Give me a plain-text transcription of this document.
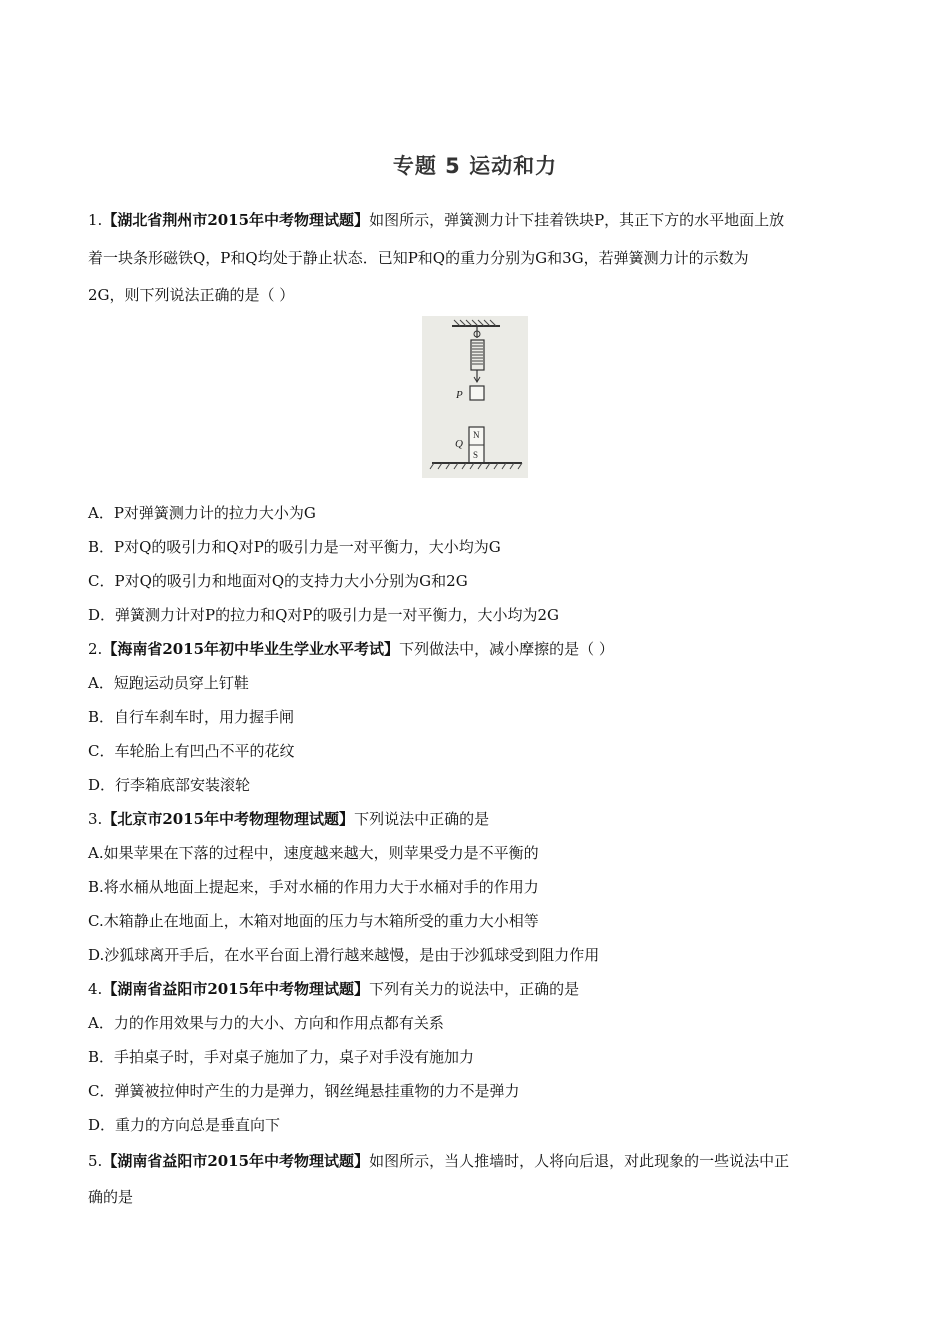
专题 5 运动和力
1.【湖北省荆州市2015年中考物理试题】如图所示，弹簧测力计下挂着铁块P，其正下方的水平地面上放
着一块条形磁铁Q，P和Q均处于静止状态．已知P和Q的重力分别为G和3G，若弹簧测力计的示数为
2G，则下列说法正确的是（ ）
P
N
S
Q
A．P对弹簧测力计的拉力大小为G
B．P对Q的吸引力和Q对P的吸引力是一对平衡力，大小均为G
C．P对Q的吸引力和地面对Q的支持力大小分别为G和2G
D．弹簧测力计对P的拉力和Q对P的吸引力是一对平衡力，大小均为2G
2.【海南省2015年初中毕业生学业水平考试】下列做法中，减小摩擦的是（ ）
A．短跑运动员穿上钉鞋
B．自行车刹车时，用力握手闸
C．车轮胎上有凹凸不平的花纹
D．行李箱底部安装滚轮
3.【北京市2015年中考物理物理试题】下列说法中正确的是
A.如果苹果在下落的过程中，速度越来越大，则苹果受力是不平衡的
B.将水桶从地面上提起来，手对水桶的作用力大于水桶对手的作用力
C.木箱静止在地面上，木箱对地面的压力与木箱所受的重力大小相等
D.沙狐球离开手后，在水平台面上滑行越来越慢，是由于沙狐球受到阻力作用
4.【湖南省益阳市2015年中考物理试题】下列有关力的说法中，正确的是
A．力的作用效果与力的大小、方向和作用点都有关系
B．手拍桌子时，手对桌子施加了力，桌子对手没有施加力
C．弹簧被拉伸时产生的力是弹力，钢丝绳悬挂重物的力不是弹力
D．重力的方向总是垂直向下
5.【湖南省益阳市2015年中考物理试题】如图所示，当人推墙时，人将向后退，对此现象的一些说法中正
确的是
